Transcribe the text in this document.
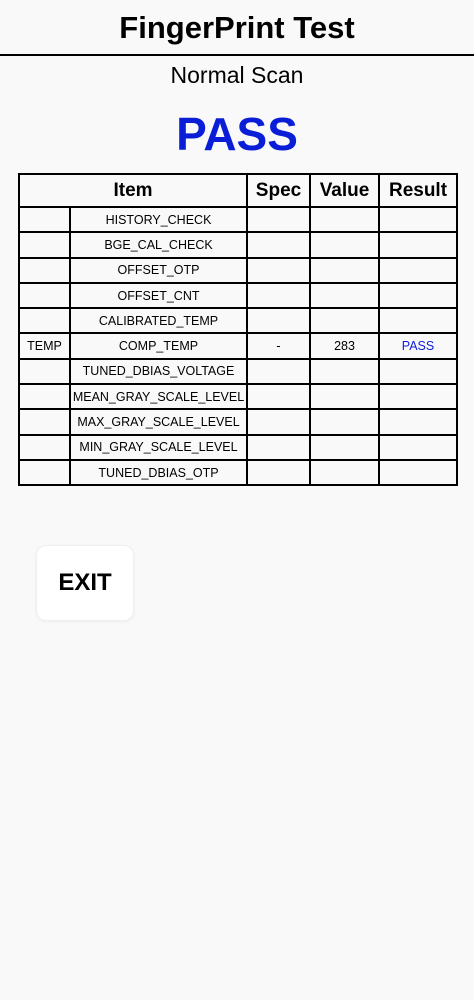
FingerPrint Test
Normal Scan
PASS
Item		Spec	Value	Result
	HISTORY_CHECK			
	BGE_CAL_CHECK			
	OFFSET_OTP			
	OFFSET_CNT			
	CALIBRATED_TEMP			
TEMP	COMP_TEMP	-	283	PASS
	TUNED_DBIAS_VOLTAGE			
	MEAN_GRAY_SCALE_LEVEL			
	MAX_GRAY_SCALE_LEVEL			
	MIN_GRAY_SCALE_LEVEL			
	TUNED_DBIAS_OTP			
EXIT
